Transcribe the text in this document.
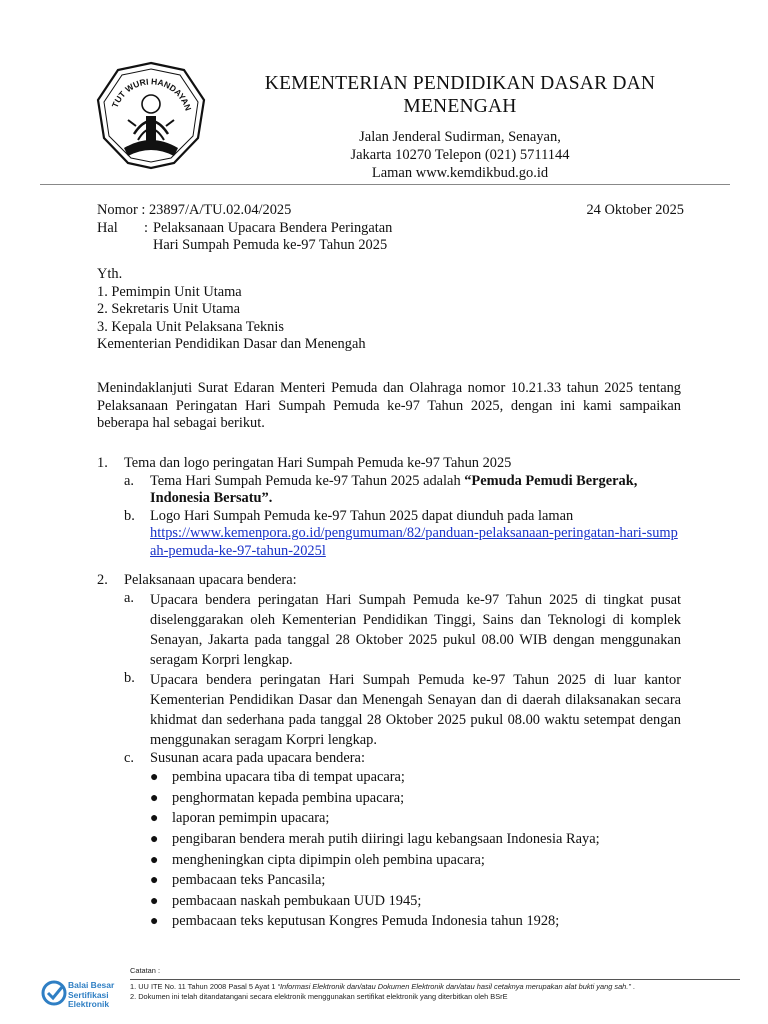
TUT WURI HANDAYAN
KEMENTERIAN PENDIDIKAN DASAR DAN
MENENGAH
Jalan Jenderal Sudirman, Senayan,
Jakarta 10270 Telepon (021) 5711144
Laman www.kemdikbud.go.id
Nomor
: 23897/A/TU.02.04/2025
Hal	: Pelaksanaan Upacara Bendera Peringatan
Hari Sumpah Pemuda ke-97 Tahun 2025
24 Oktober 2025
Yth.
1. Pemimpin Unit Utama
2. Sekretaris Unit Utama
3. Kepala Unit Pelaksana Teknis
Kementerian Pendidikan Dasar dan Menengah
Menindaklanjuti Surat Edaran Menteri Pemuda dan Olahraga nomor 10.21.33 tahun 2025 tentang Pelaksanaan Peringatan Hari Sumpah Pemuda ke-97 Tahun 2025, dengan ini kami sampaikan beberapa hal sebagai berikut.
1.	Tema dan logo peringatan Hari Sumpah Pemuda ke-97 Tahun 2025
a.	Tema Hari Sumpah Pemuda ke-97 Tahun 2025 adalah “Pemuda Pemudi Bergerak, Indonesia Bersatu”.
b.	Logo Hari Sumpah Pemuda ke-97 Tahun 2025 dapat diunduh pada laman
https://www.kemenpora.go.id/pengumuman/82/panduan-pelaksanaan-peringatan-hari-sumpah-pemuda-ke-97-tahun-2025l
2.	Pelaksanaan upacara bendera:
a.	Upacara bendera peringatan Hari Sumpah Pemuda ke-97 Tahun 2025 di tingkat pusat diselenggarakan oleh Kementerian Pendidikan Tinggi, Sains dan Teknologi di komplek Senayan, Jakarta pada tanggal 28 Oktober 2025 pukul 08.00 WIB dengan menggunakan seragam Korpri lengkap.
b.	Upacara bendera peringatan Hari Sumpah Pemuda ke-97 Tahun 2025 di luar kantor Kementerian Pendidikan Dasar dan Menengah Senayan dan di daerah dilaksanakan secara khidmat dan sederhana pada tanggal 28 Oktober 2025 pukul 08.00 waktu setempat dengan menggunakan seragam Korpri lengkap.
c.	Susunan acara pada upacara bendera:
● pembina upacara tiba di tempat upacara;
● penghormatan kepada pembina upacara;
● laporan pemimpin upacara;
● pengibaran bendera merah putih diiringi lagu kebangsaan Indonesia Raya;
● mengheningkan cipta dipimpin oleh pembina upacara;
● pembacaan teks Pancasila;
● pembacaan naskah pembukaan UUD 1945;
● pembacaan teks keputusan Kongres Pemuda Indonesia tahun 1928;
Balai Besar
Sertifikasi
Elektronik
Catatan :
1. UU ITE No. 11 Tahun 2008 Pasal 5 Ayat 1 “Informasi Elektronik dan/atau Dokumen Elektronik dan/atau hasil cetaknya merupakan alat bukti yang sah.” .
2. Dokumen ini telah ditandatangani secara elektronik menggunakan sertifikat elektronik yang diterbitkan oleh BSrE
